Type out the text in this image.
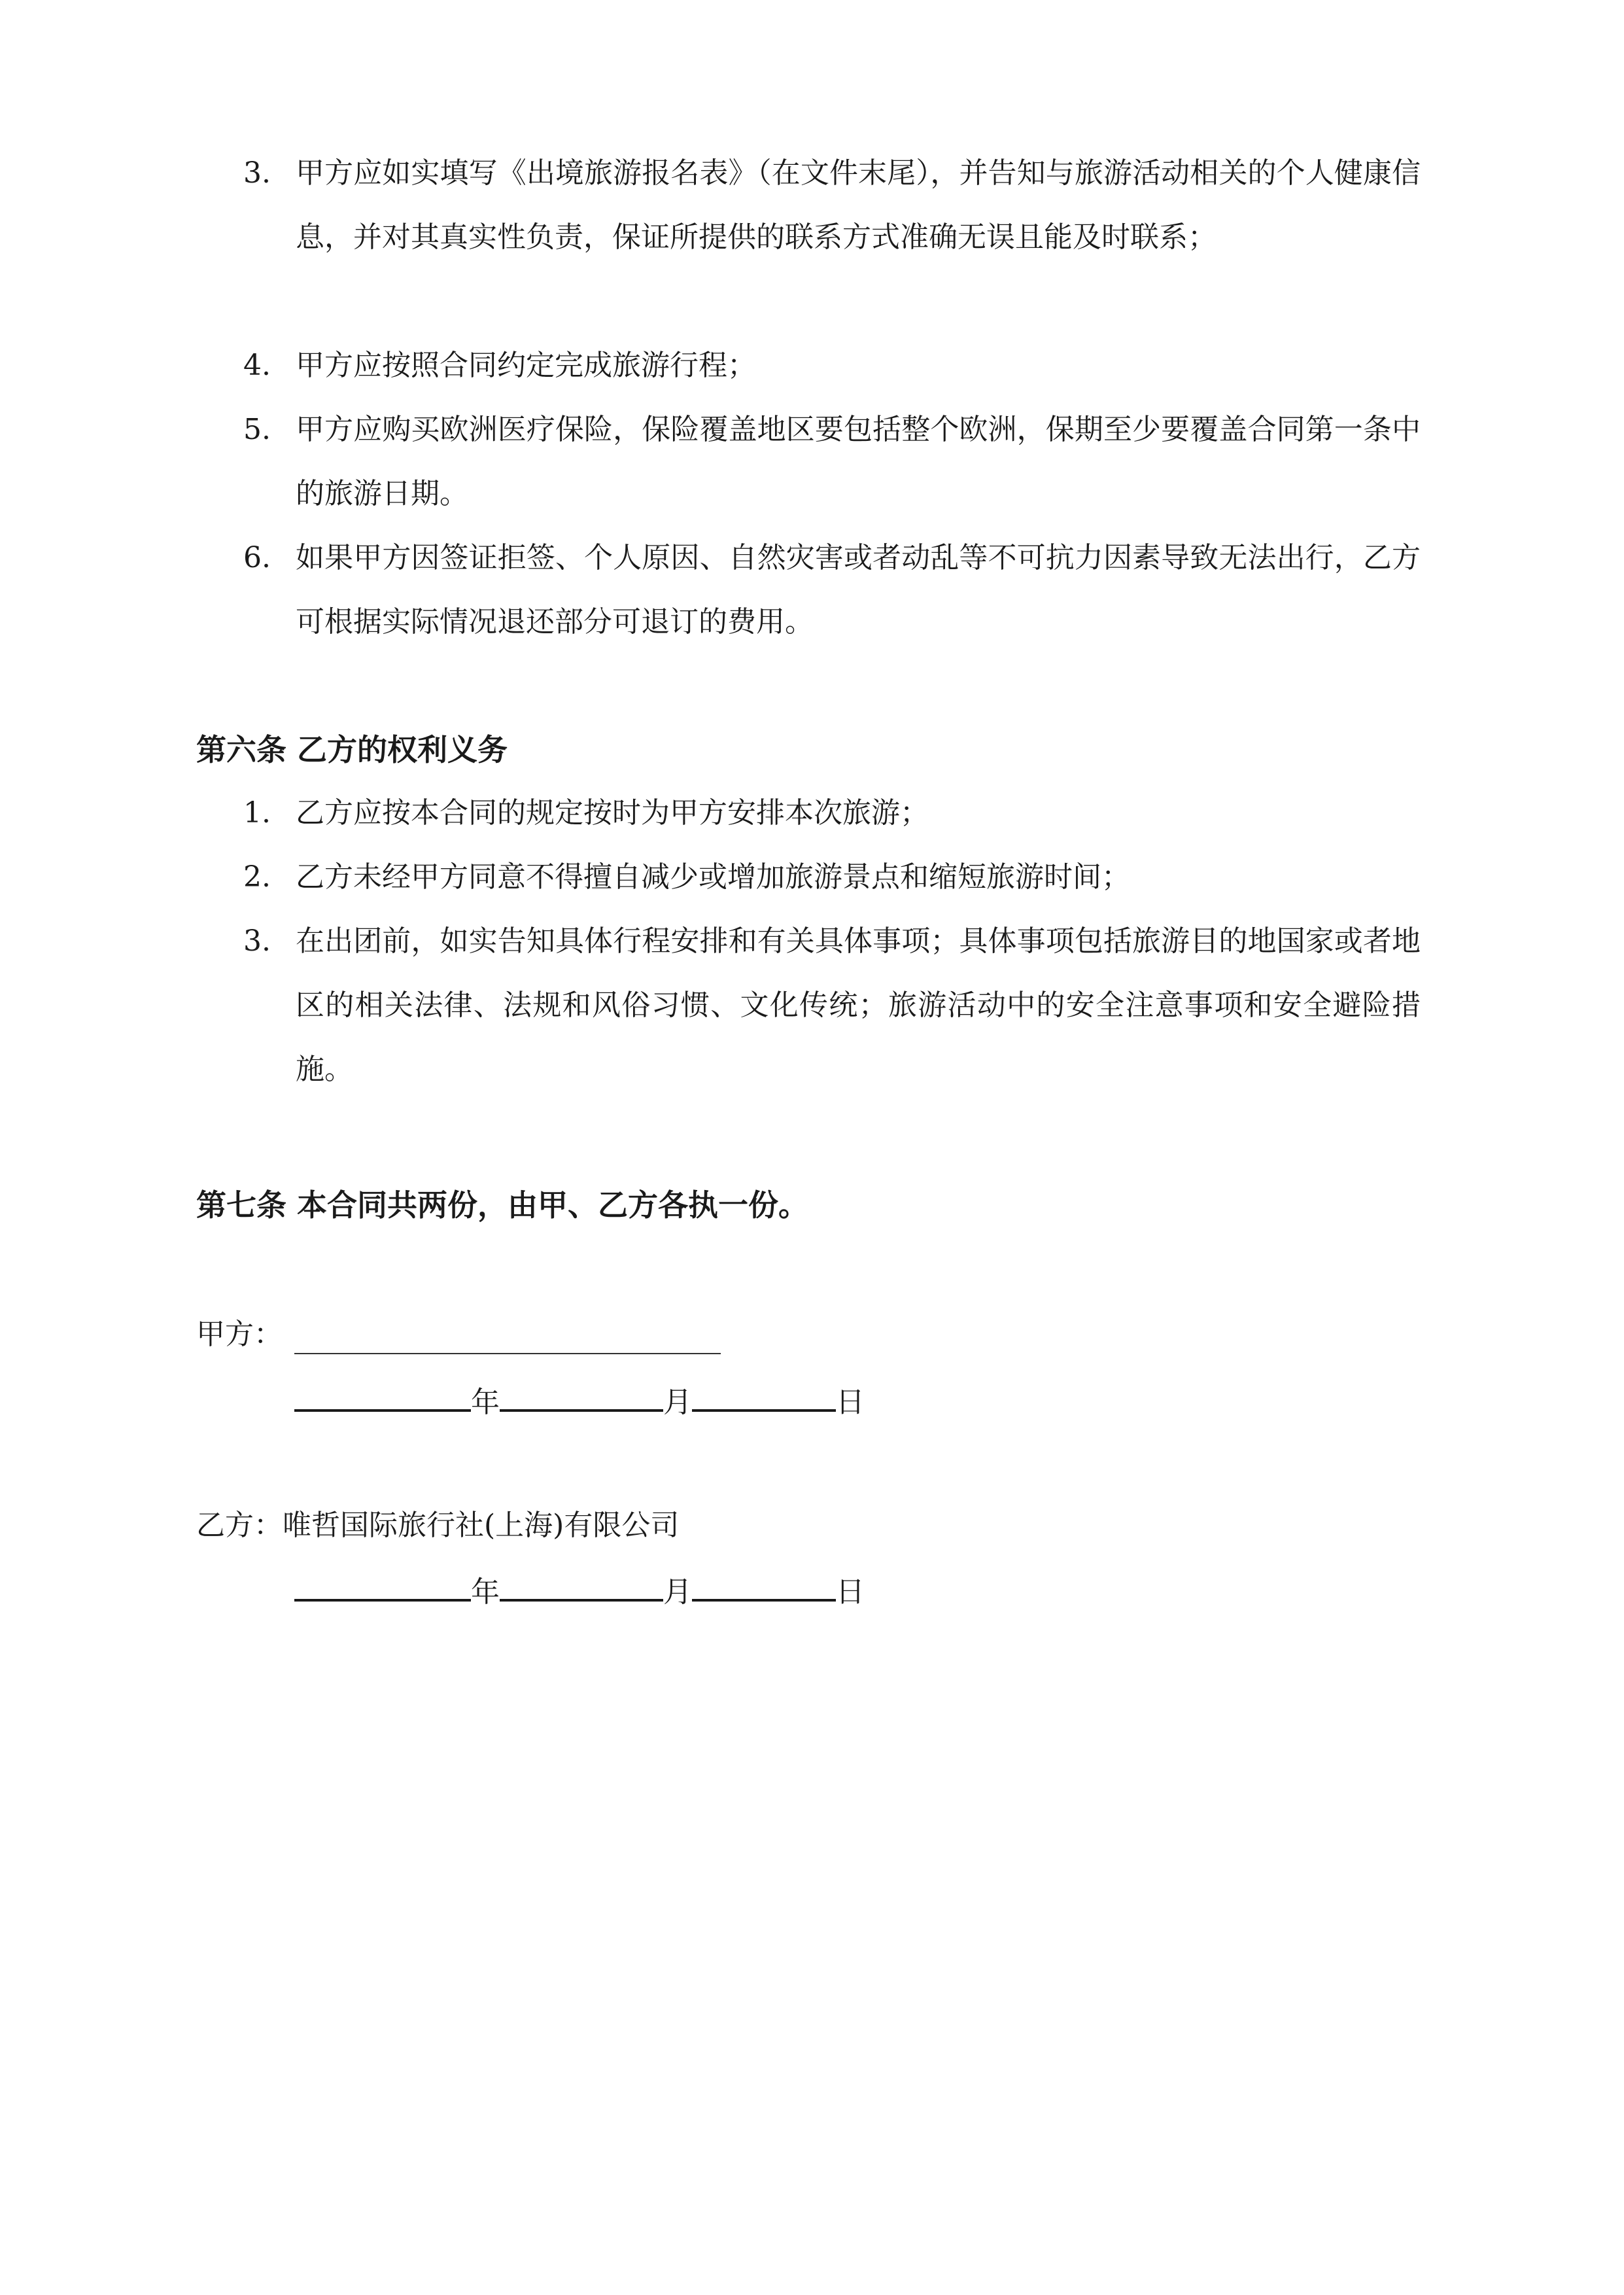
3. 甲方应如实填写《出境旅游报名表》（在文件末尾），并告知与旅游活动相关的个人健康信息，并对其真实性负责，保证所提供的联系方式准确无误且能及时联系；
4. 甲方应按照合同约定完成旅游行程；
5. 甲方应购买欧洲医疗保险，保险覆盖地区要包括整个欧洲，保期至少要覆盖合同第一条中的旅游日期。
6. 如果甲方因签证拒签、个人原因、自然灾害或者动乱等不可抗力因素导致无法出行，乙方可根据实际情况退还部分可退订的费用。
第六条 乙方的权利义务
1. 乙方应按本合同的规定按时为甲方安排本次旅游；
2. 乙方未经甲方同意不得擅自减少或增加旅游景点和缩短旅游时间；
3. 在出团前，如实告知具体行程安排和有关具体事项；具体事项包括旅游目的地国家或者地区的相关法律、法规和风俗习惯、文化传统；旅游活动中的安全注意事项和安全避险措施。
第七条 本合同共两份，由甲、乙方各执一份。
甲方：
年	月	日
乙方：唯哲国际旅行社(上海)有限公司
年	月	日
